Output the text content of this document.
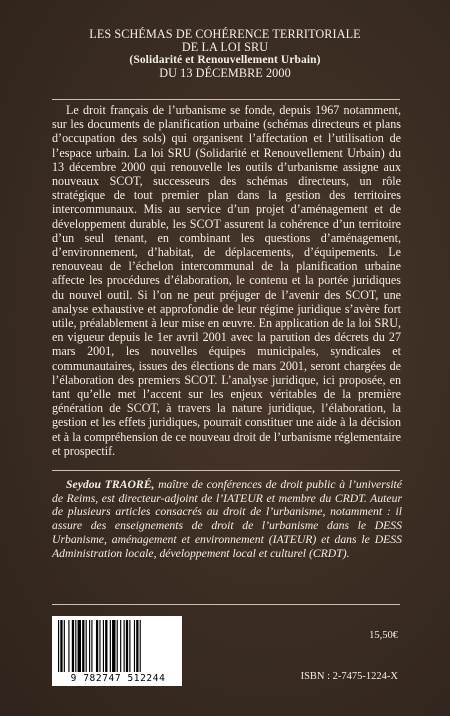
LES SCHÉMAS DE COHÉRENCE TERRITORIALE
DE LA LOI SRU
(Solidarité et Renouvellement Urbain)
DU 13 DÉCEMBRE 2000
Le droit français de l’urbanisme se fonde, depuis 1967 notamment, sur les documents de planification urbaine (schémas directeurs et plans d’occupation des sols) qui organisent l’affectation et l’utilisation de l’espace urbain. La loi SRU (Solidarité et Renouvellement Urbain) du 13 décembre 2000 qui renouvelle les outils d’urbanisme assigne aux nouveaux SCOT, successeurs des schémas directeurs, un rôle stratégique de tout premier plan dans la gestion des territoires intercommunaux. Mis au service d’un projet d’aménagement et de développement durable, les SCOT assurent la cohérence d’un territoire d’un seul tenant, en combinant les questions d’aménagement, d’environnement, d’habitat, de déplacements, d’équipements. Le renouveau de l’échelon intercommunal de la planification urbaine affecte les procédures d’élaboration, le contenu et la portée juridiques du nouvel outil. Si l’on ne peut préjuger de l’avenir des SCOT, une analyse exhaustive et approfondie de leur régime juridique s’avère fort utile, préalablement à leur mise en œuvre. En application de la loi SRU, en vigueur depuis le 1er avril 2001 avec la parution des décrets du 27 mars 2001, les nouvelles équipes municipales, syndicales et communautaires, issues des élections de mars 2001, seront chargées de l’élaboration des premiers SCOT. L’analyse juridique, ici proposée, en tant qu’elle met l’accent sur les enjeux véritables de la première génération de SCOT, à travers la nature juridique, l’élaboration, la gestion et les effets juridiques, pourrait constituer une aide à la décision et à la compréhension de ce nouveau droit de l’urbanisme réglementaire et prospectif.
Seydou TRAORÉ, maître de conférences de droit public à l’université de Reims, est directeur-adjoint de l’IATEUR et membre du CRDT. Auteur de plusieurs articles consacrés au droit de l’urbanisme, notamment : il assure des enseignements de droit de l’urbanisme dans le DESS Urbanisme, aménagement et environnement (IATEUR) et dans le DESS Administration locale, développement local et culturel (CRDT).
9 782747 512244
15,50€
ISBN : 2-7475-1224-X
